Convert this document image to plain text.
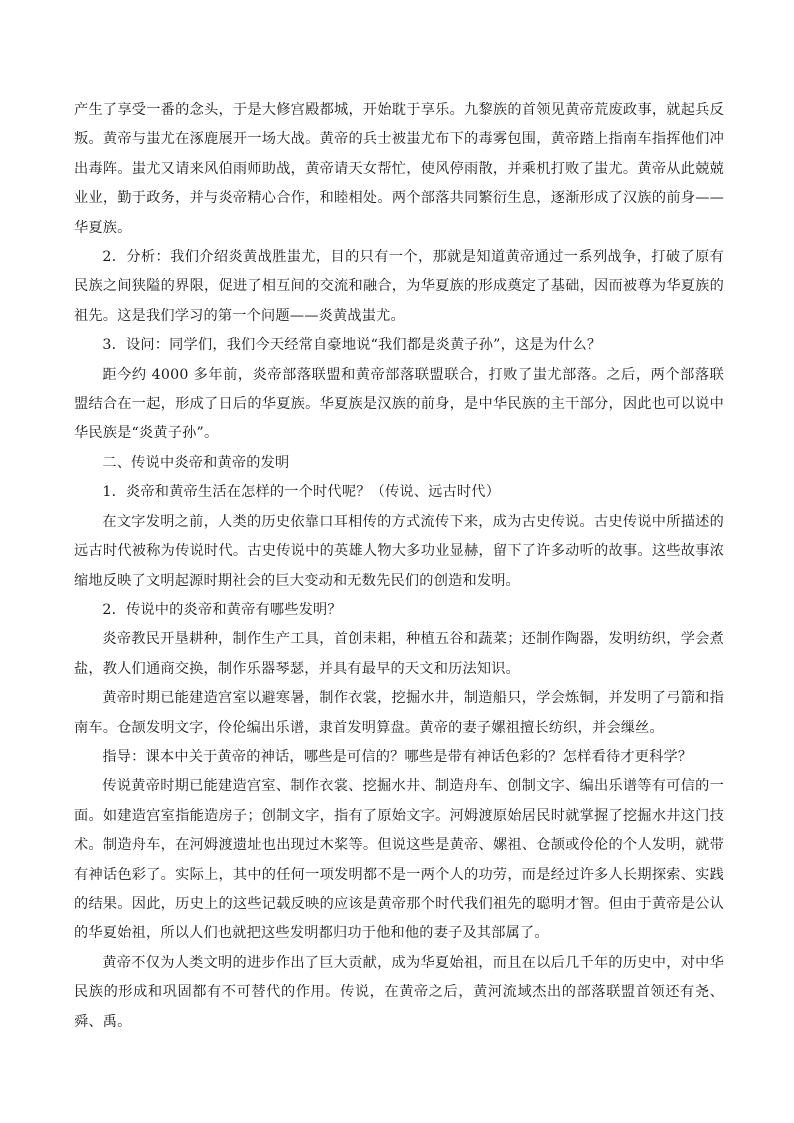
产生了享受一番的念头，于是大修宫殿都城，开始耽于享乐。九黎族的首领见黄帝荒废政事，就起兵反叛。黄帝与蚩尤在涿鹿展开一场大战。黄帝的兵士被蚩尤布下的毒雾包围，黄帝踏上指南车指挥他们冲出毒阵。蚩尤又请来风伯雨师助战，黄帝请天女帮忙，使风停雨散，并乘机打败了蚩尤。黄帝从此兢兢业业，勤于政务，并与炎帝精心合作，和睦相处。两个部落共同繁衍生息，逐渐形成了汉族的前身——华夏族。

2．分析：我们介绍炎黄战胜蚩尤，目的只有一个，那就是知道黄帝通过一系列战争，打破了原有民族之间狭隘的界限，促进了相互间的交流和融合，为华夏族的形成奠定了基础，因而被尊为华夏族的祖先。这是我们学习的第一个问题——炎黄战蚩尤。

3．设问：同学们，我们今天经常自豪地说“我们都是炎黄子孙”，这是为什么？

距今约 4000 多年前，炎帝部落联盟和黄帝部落联盟联合，打败了蚩尤部落。之后，两个部落联盟结合在一起，形成了日后的华夏族。华夏族是汉族的前身，是中华民族的主干部分，因此也可以说中华民族是“炎黄子孙”。

二、传说中炎帝和黄帝的发明

1．炎帝和黄帝生活在怎样的一个时代呢？（传说、远古时代）

在文字发明之前，人类的历史依靠口耳相传的方式流传下来，成为古史传说。古史传说中所描述的远古时代被称为传说时代。古史传说中的英雄人物大多功业显赫，留下了许多动听的故事。这些故事浓缩地反映了文明起源时期社会的巨大变动和无数先民们的创造和发明。

2．传说中的炎帝和黄帝有哪些发明？

炎帝教民开垦耕种，制作生产工具，首创耒耜，种植五谷和蔬菜；还制作陶器，发明纺织，学会煮盐，教人们通商交换，制作乐器琴瑟，并具有最早的天文和历法知识。

黄帝时期已能建造宫室以避寒暑，制作衣裳，挖掘水井，制造船只，学会炼铜，并发明了弓箭和指南车。仓颉发明文字，伶伦编出乐谱，隶首发明算盘。黄帝的妻子嫘祖擅长纺织，并会缫丝。

指导：课本中关于黄帝的神话，哪些是可信的？哪些是带有神话色彩的？怎样看待才更科学？

传说黄帝时期已能建造宫室、制作衣裳、挖掘水井、制造舟车、创制文字、编出乐谱等有可信的一面。如建造宫室指能造房子；创制文字，指有了原始文字。河姆渡原始居民时就掌握了挖掘水井这门技术。制造舟车，在河姆渡遗址也出现过木桨等。但说这些是黄帝、嫘祖、仓颉或伶伦的个人发明，就带有神话色彩了。实际上，其中的任何一项发明都不是一两个人的功劳，而是经过许多人长期探索、实践的结果。因此，历史上的这些记载反映的应该是黄帝那个时代我们祖先的聪明才智。但由于黄帝是公认的华夏始祖，所以人们也就把这些发明都归功于他和他的妻子及其部属了。

黄帝不仅为人类文明的进步作出了巨大贡献，成为华夏始祖，而且在以后几千年的历史中，对中华民族的形成和巩固都有不可替代的作用。传说，在黄帝之后，黄河流域杰出的部落联盟首领还有尧、舜、禹。
